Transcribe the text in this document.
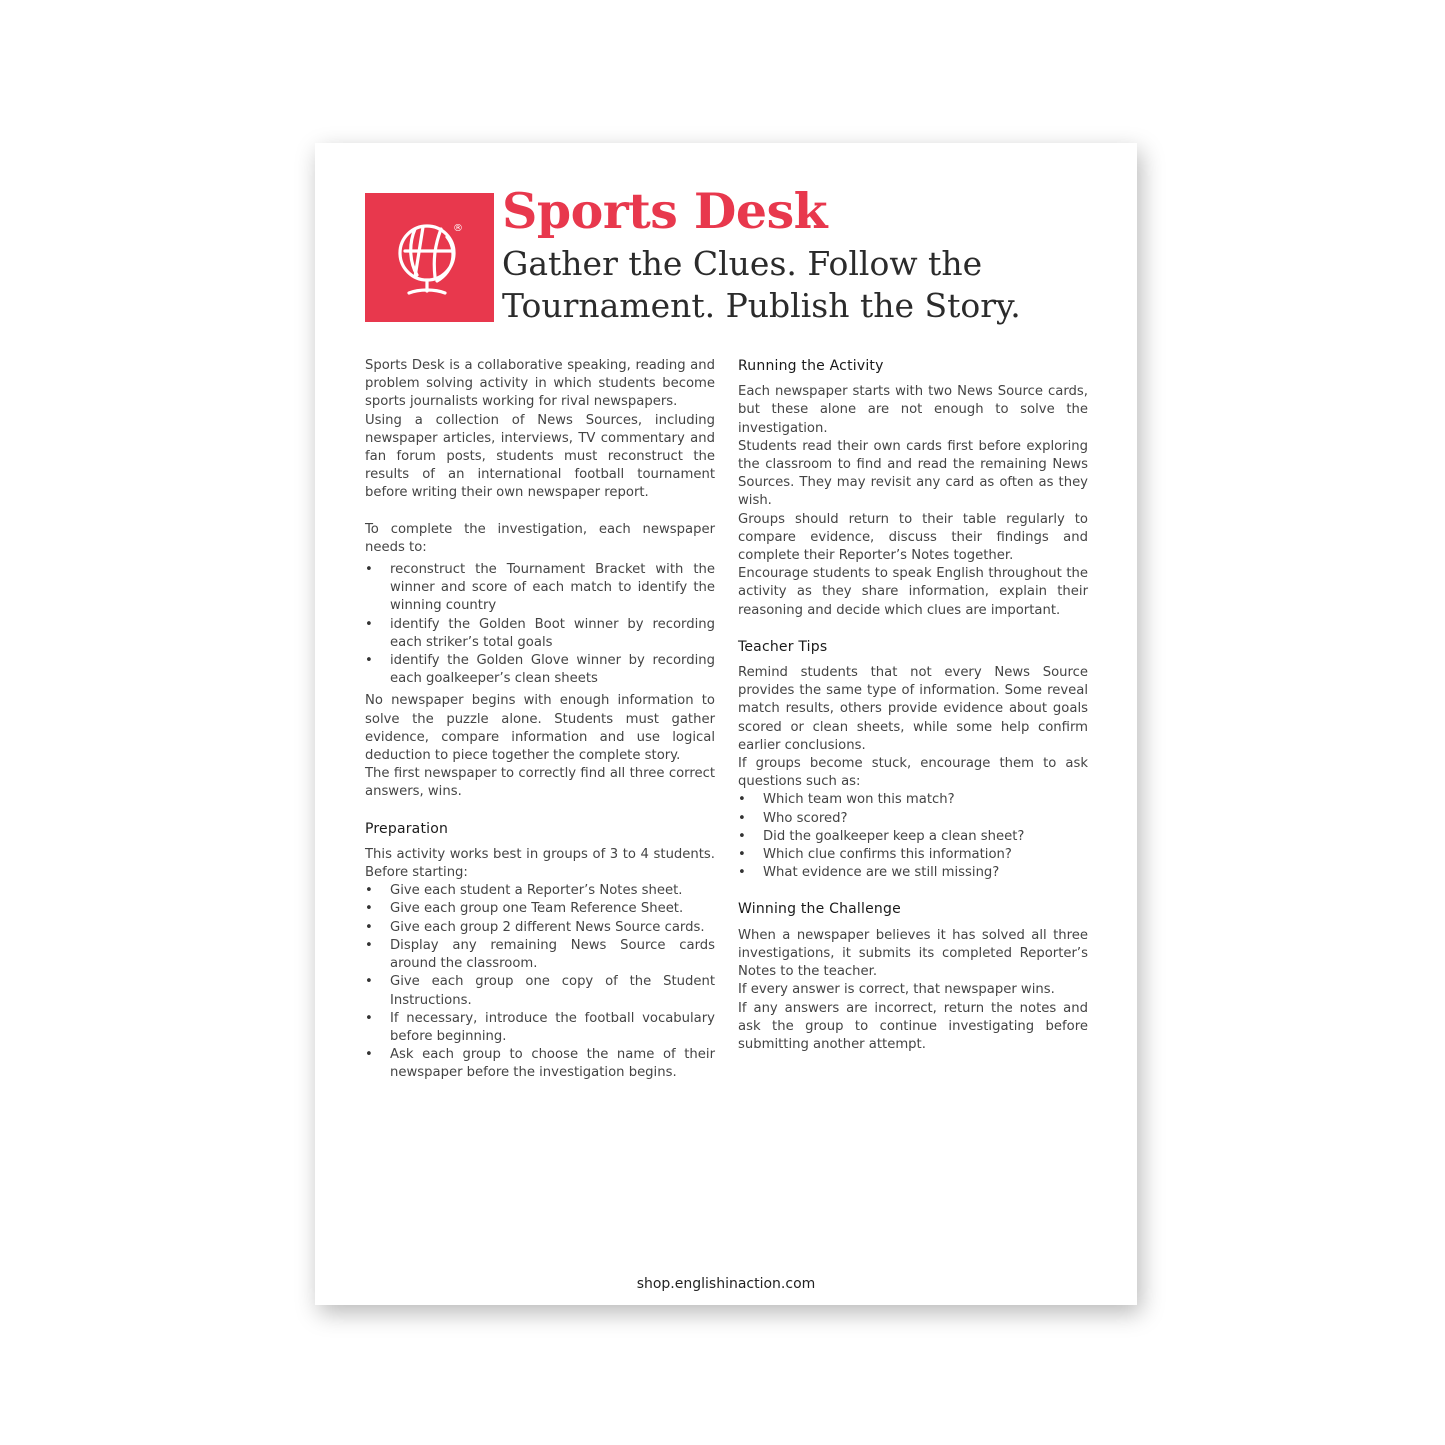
® Sports Desk
Gather the Clues. Follow the Tournament. Publish the Story.

Sports Desk is a collaborative speaking, reading and problem solving activity in which students become sports journalists working for rival newspapers.

Using a collection of News Sources, including newspaper articles, interviews, TV commentary and fan forum posts, students must reconstruct the results of an international football tournament before writing their own newspaper report.

To complete the investigation, each newspaper needs to:

• reconstruct the Tournament Bracket with the winner and score of each match to identify the winning country
• identify the Golden Boot winner by recording each striker’s total goals
• identify the Golden Glove winner by recording each goalkeeper’s clean sheets

No newspaper begins with enough information to solve the puzzle alone. Students must gather evidence, compare information and use logical deduction to piece together the complete story.

The first newspaper to correctly find all three correct answers, wins.

Preparation

This activity works best in groups of 3 to 4 students. Before starting:

• Give each student a Reporter’s Notes sheet.
• Give each group one Team Reference Sheet.
• Give each group 2 different News Source cards.
• Display any remaining News Source cards around the classroom.
• Give each group one copy of the Student Instructions.
• If necessary, introduce the football vocabulary before beginning.
• Ask each group to choose the name of their newspaper before the investigation begins.
Running the Activity

Each newspaper starts with two News Source cards, but these alone are not enough to solve the investigation.

Students read their own cards first before exploring the classroom to find and read the remaining News Sources. They may revisit any card as often as they wish.

Groups should return to their table regularly to compare evidence, discuss their findings and complete their Reporter’s Notes together.

Encourage students to speak English throughout the activity as they share information, explain their reasoning and decide which clues are important.

Teacher Tips

Remind students that not every News Source provides the same type of information. Some reveal match results, others provide evidence about goals scored or clean sheets, while some help confirm earlier conclusions.

If groups become stuck, encourage them to ask questions such as:

• Which team won this match?
• Who scored?
• Did the goalkeeper keep a clean sheet?
• Which clue confirms this information?
• What evidence are we still missing?
Winning the Challenge

When a newspaper believes it has solved all three investigations, it submits its completed Reporter’s Notes to the teacher.

If every answer is correct, that newspaper wins.

If any answers are incorrect, return the notes and ask the group to continue investigating before submitting another attempt.

shop.englishinaction.com
